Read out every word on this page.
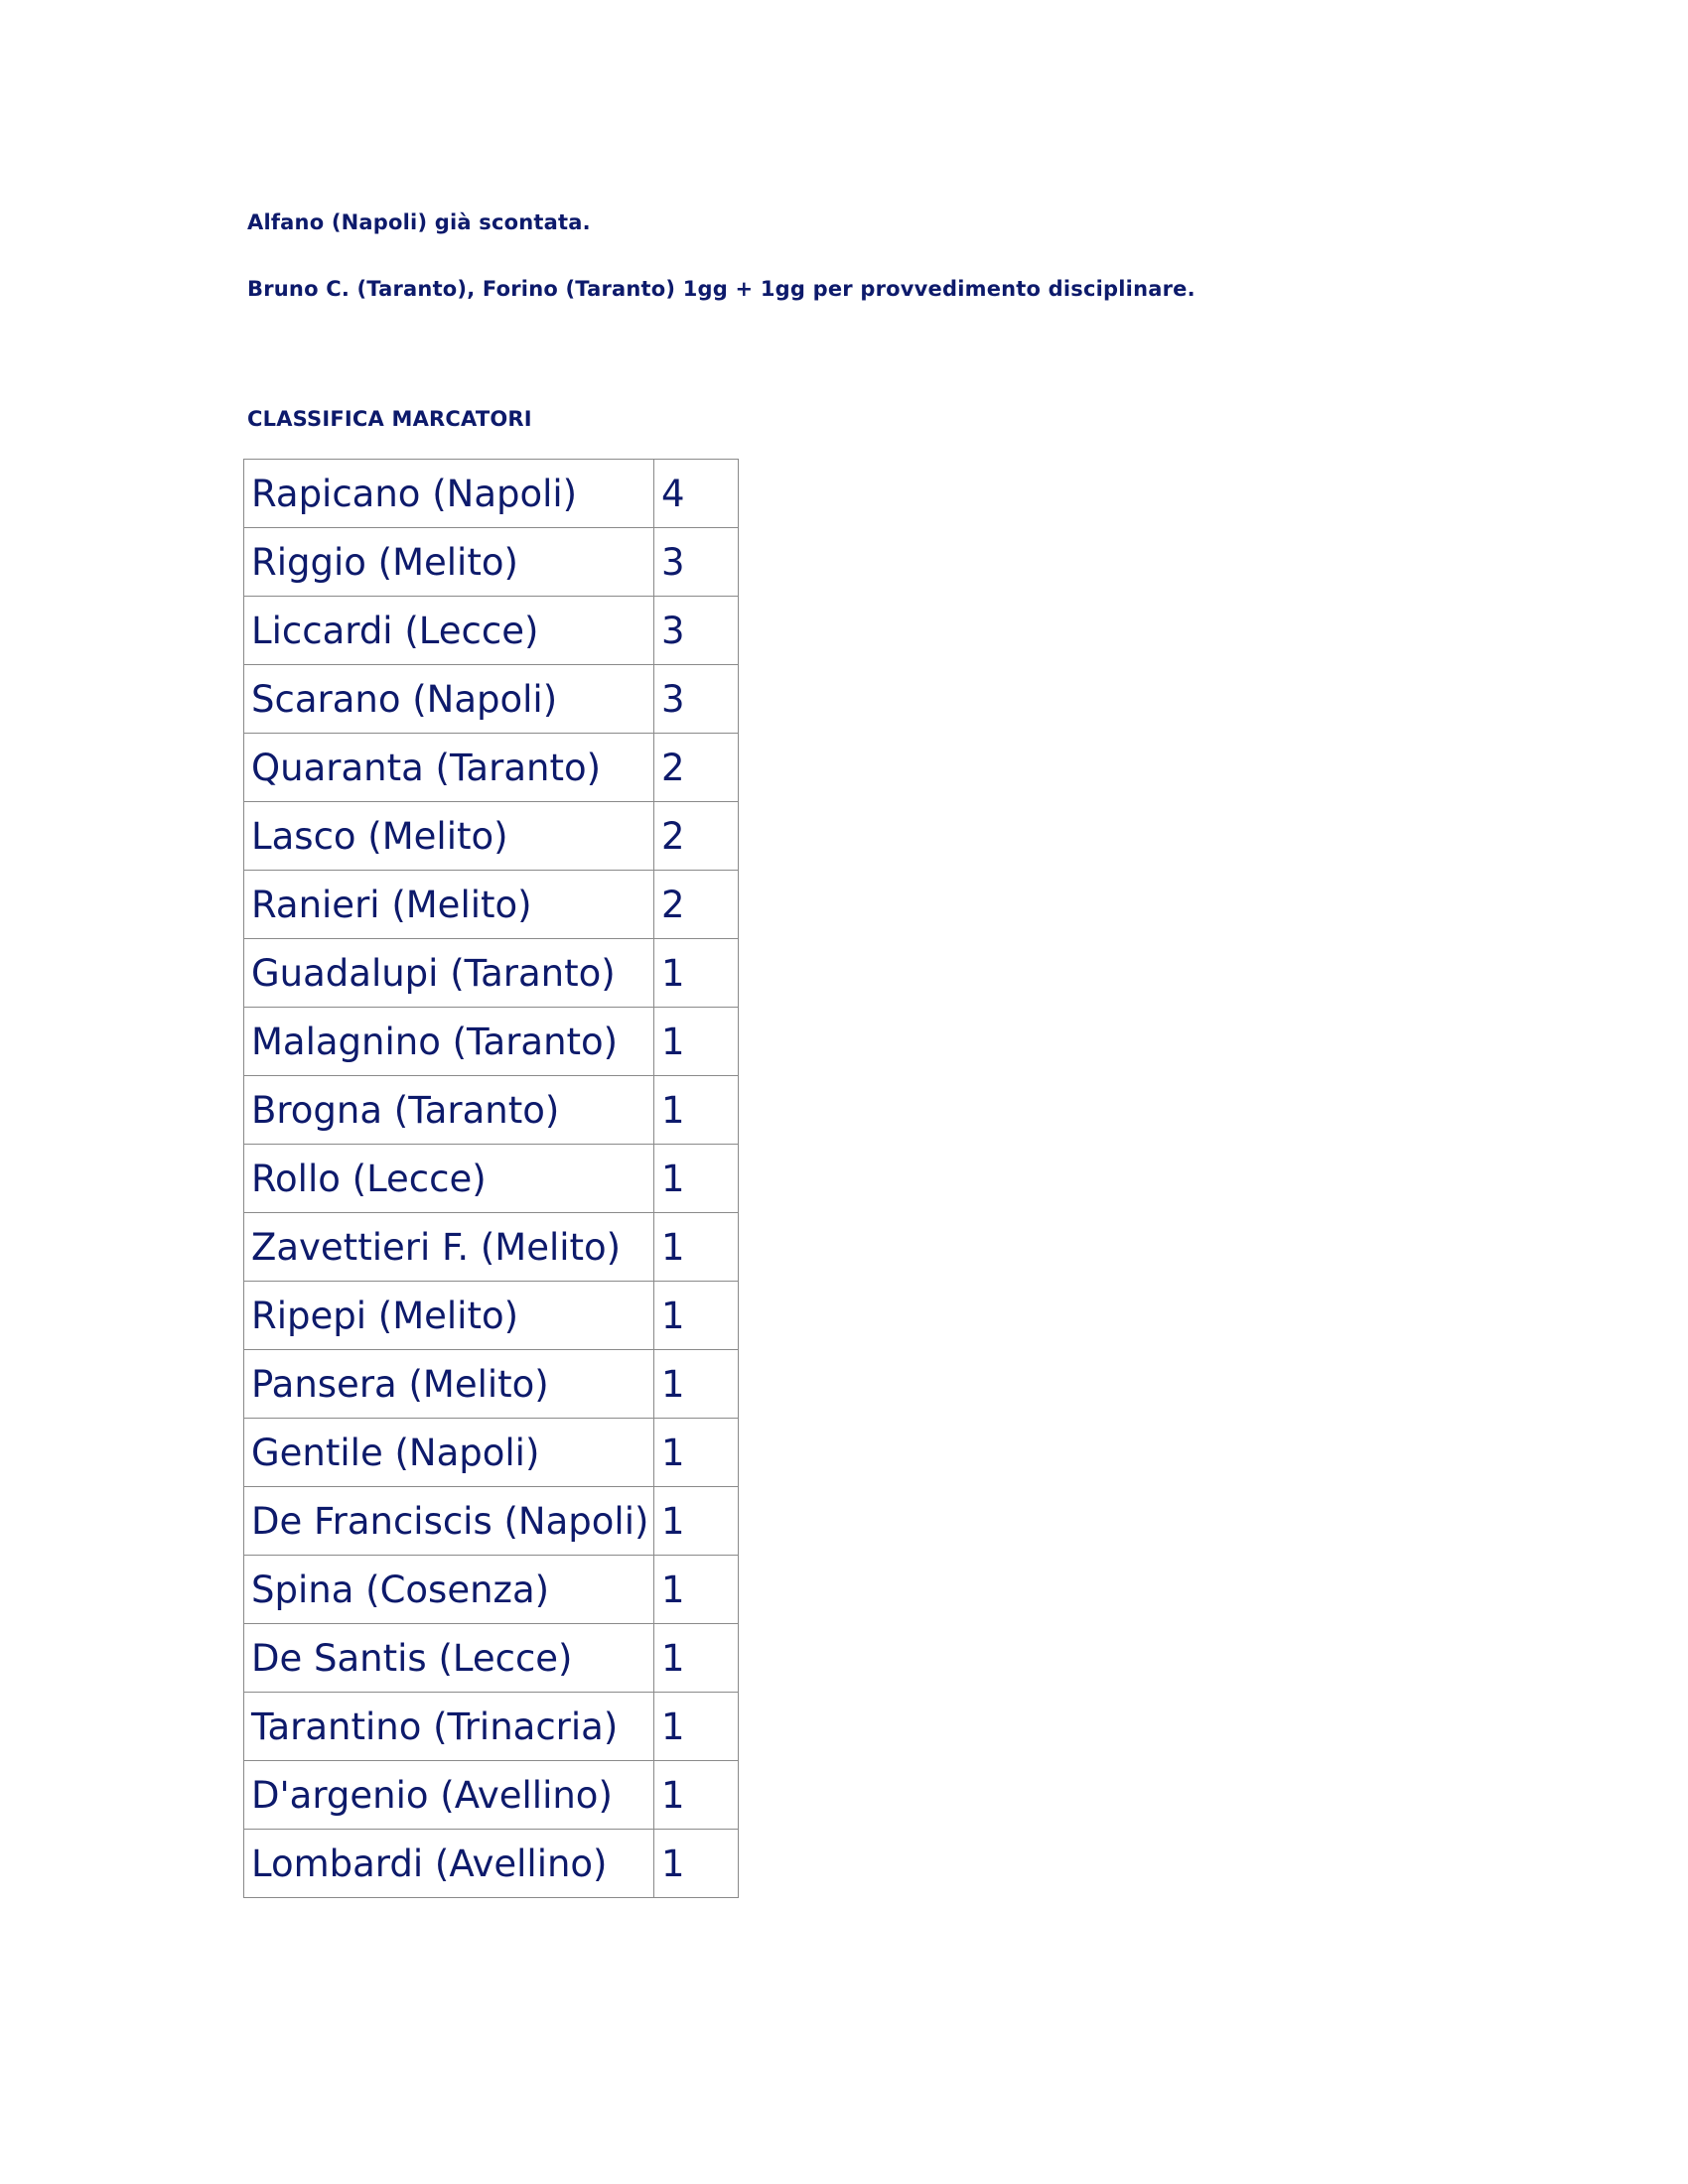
Alfano (Napoli) già scontata.
Bruno C. (Taranto), Forino (Taranto) 1gg + 1gg per provvedimento disciplinare.
CLASSIFICA MARCATORI
Rapicano (Napoli)	4
Riggio (Melito)	3
Liccardi (Lecce)	3
Scarano (Napoli)	3
Quaranta (Taranto)	2
Lasco (Melito)	2
Ranieri (Melito)	2
Guadalupi (Taranto)	1
Malagnino (Taranto)	1
Brogna (Taranto)	1
Rollo (Lecce)	1
Zavettieri F. (Melito)	1
Ripepi (Melito)	1
Pansera (Melito)	1
Gentile (Napoli)	1
De Franciscis (Napoli)	1
Spina (Cosenza)	1
De Santis (Lecce)	1
Tarantino (Trinacria)	1
D'argenio (Avellino)	1
Lombardi (Avellino)	1
